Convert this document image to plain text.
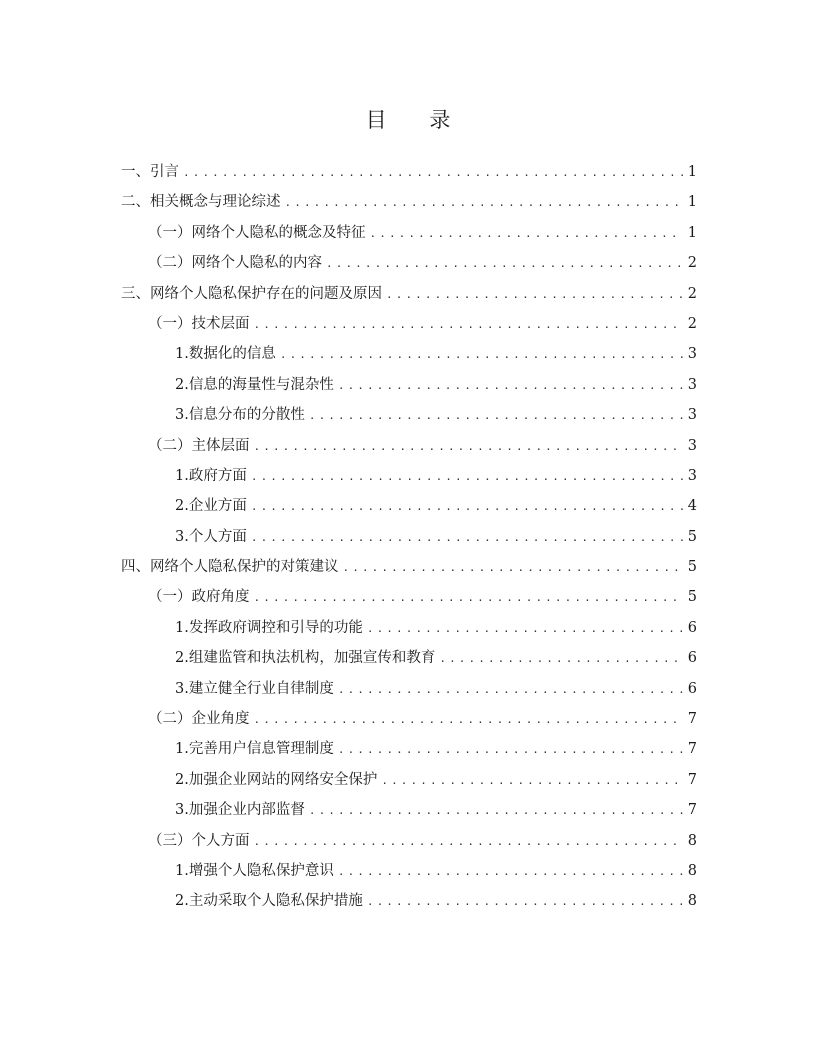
目 录
一、引言 .....	1
二、相关概念与理论综述 .....	1
（一）网络个人隐私的概念及特征 .....	1
（二）网络个人隐私的内容 .....	2
三、网络个人隐私保护存在的问题及原因 .....	2
（一）技术层面 .....	2
1.数据化的信息 .....	3
2.信息的海量性与混杂性 .....	3
3.信息分布的分散性 .....	3
（二）主体层面 .....	3
1.政府方面 .....	3
2.企业方面 .....	4
3.个人方面 .....	5
四、网络个人隐私保护的对策建议 .....	5
（一）政府角度 .....	5
1.发挥政府调控和引导的功能 .....	6
2.组建监管和执法机构，加强宣传和教育 .....	6
3.建立健全行业自律制度 .....	6
（二）企业角度 .....	7
1.完善用户信息管理制度 .....	7
2.加强企业网站的网络安全保护 .....	7
3.加强企业内部监督 .....	7
（三）个人方面 .....	8
1.增强个人隐私保护意识 .....	8
2.主动采取个人隐私保护措施 .....	8
